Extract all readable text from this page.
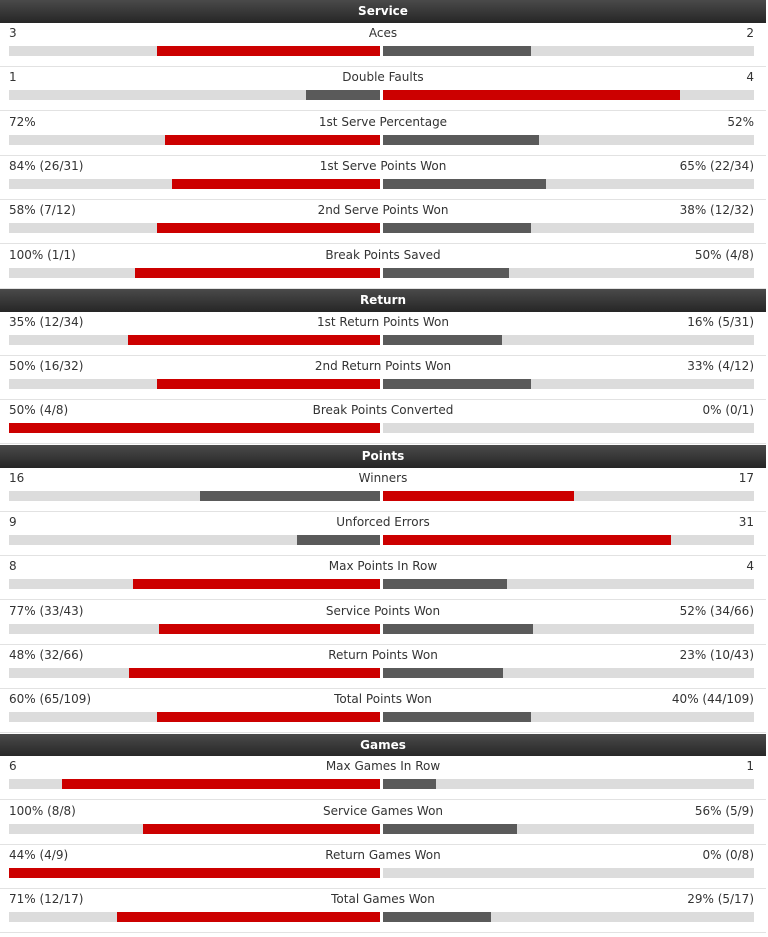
Service
3	Aces	2
1	Double Faults	4
72%	1st Serve Percentage	52%
84% (26/31)	1st Serve Points Won	65% (22/34)
58% (7/12)	2nd Serve Points Won	38% (12/32)
100% (1/1)	Break Points Saved	50% (4/8)
Return
35% (12/34)	1st Return Points Won	16% (5/31)
50% (16/32)	2nd Return Points Won	33% (4/12)
50% (4/8)	Break Points Converted	0% (0/1)
Points
16	Winners	17
9	Unforced Errors	31
8	Max Points In Row	4
77% (33/43)	Service Points Won	52% (34/66)
48% (32/66)	Return Points Won	23% (10/43)
60% (65/109)	Total Points Won	40% (44/109)
Games
6	Max Games In Row	1
100% (8/8)	Service Games Won	56% (5/9)
44% (4/9)	Return Games Won	0% (0/8)
71% (12/17)	Total Games Won	29% (5/17)
